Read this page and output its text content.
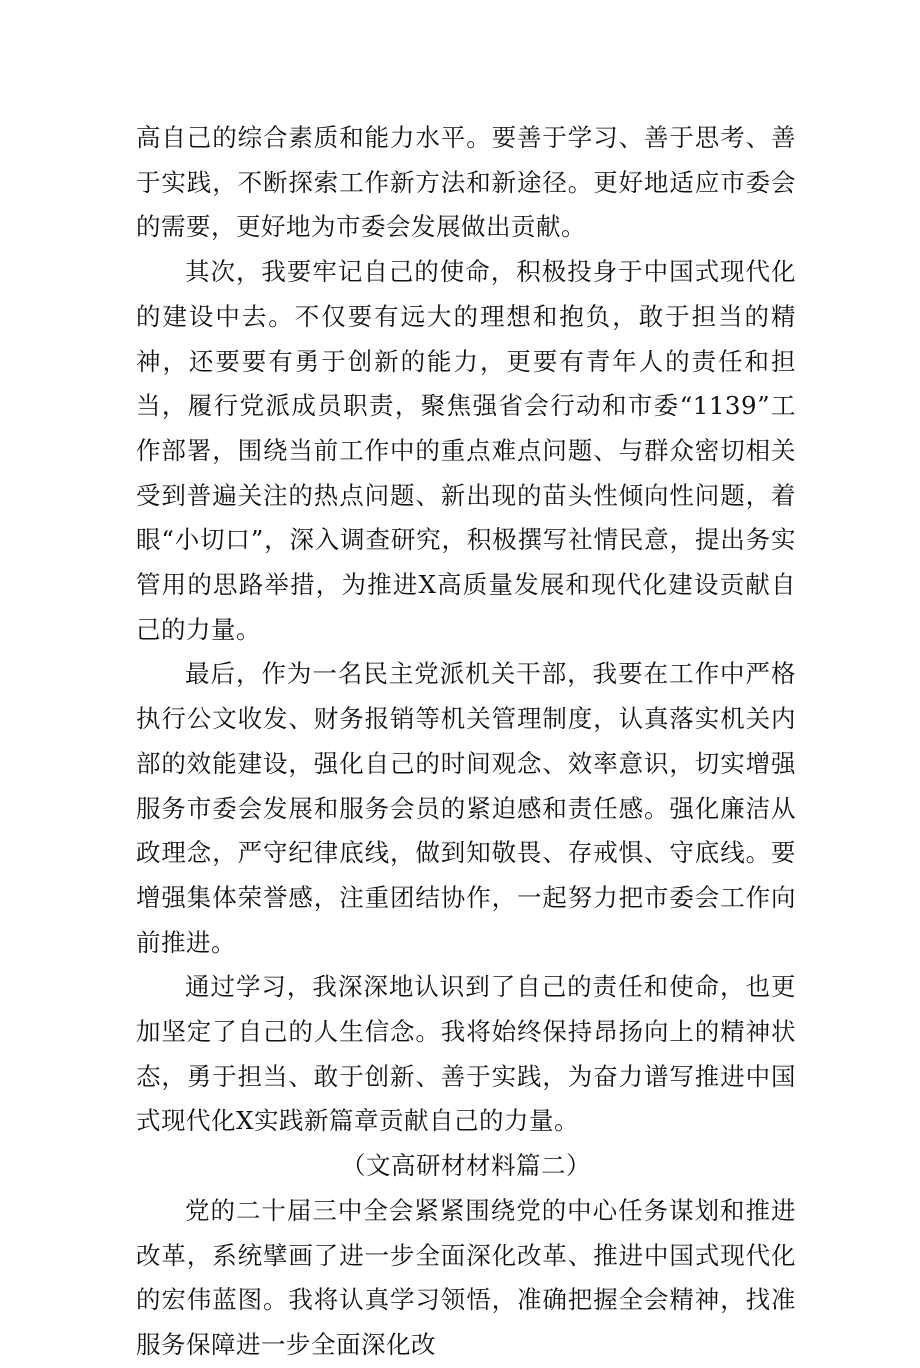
高自己的综合素质和能力水平。要善于学习、善于思考、善于实践，不断探索工作新方法和新途径。更好地适应市委会的需要，更好地为市委会发展做出贡献。

其次，我要牢记自己的使命，积极投身于中国式现代化的建设中去。不仅要有远大的理想和抱负，敢于担当的精神，还要要有勇于创新的能力，更要有青年人的责任和担当，履行党派成员职责，聚焦强省会行动和市委“1139”工作部署，围绕当前工作中的重点难点问题、与群众密切相关受到普遍关注的热点问题、新出现的苗头性倾向性问题，着眼“小切口”，深入调查研究，积极撰写社情民意，提出务实管用的思路举措，为推进X高质量发展和现代化建设贡献自己的力量。

最后，作为一名民主党派机关干部，我要在工作中严格执行公文收发、财务报销等机关管理制度，认真落实机关内部的效能建设，强化自己的时间观念、效率意识，切实增强服务市委会发展和服务会员的紧迫感和责任感。强化廉洁从政理念，严守纪律底线，做到知敬畏、存戒惧、守底线。要增强集体荣誉感，注重团结协作，一起努力把市委会工作向前推进。

通过学习，我深深地认识到了自己的责任和使命，也更加坚定了自己的人生信念。我将始终保持昂扬向上的精神状态，勇于担当、敢于创新、善于实践，为奋力谱写推进中国式现代化X实践新篇章贡献自己的力量。

（文高研材材料篇二）

党的二十届三中全会紧紧围绕党的中心任务谋划和推进改革，系统擘画了进一步全面深化改革、推进中国式现代化的宏伟蓝图。我将认真学习领悟，准确把握全会精神，找准服务保障进一步全面深化改
